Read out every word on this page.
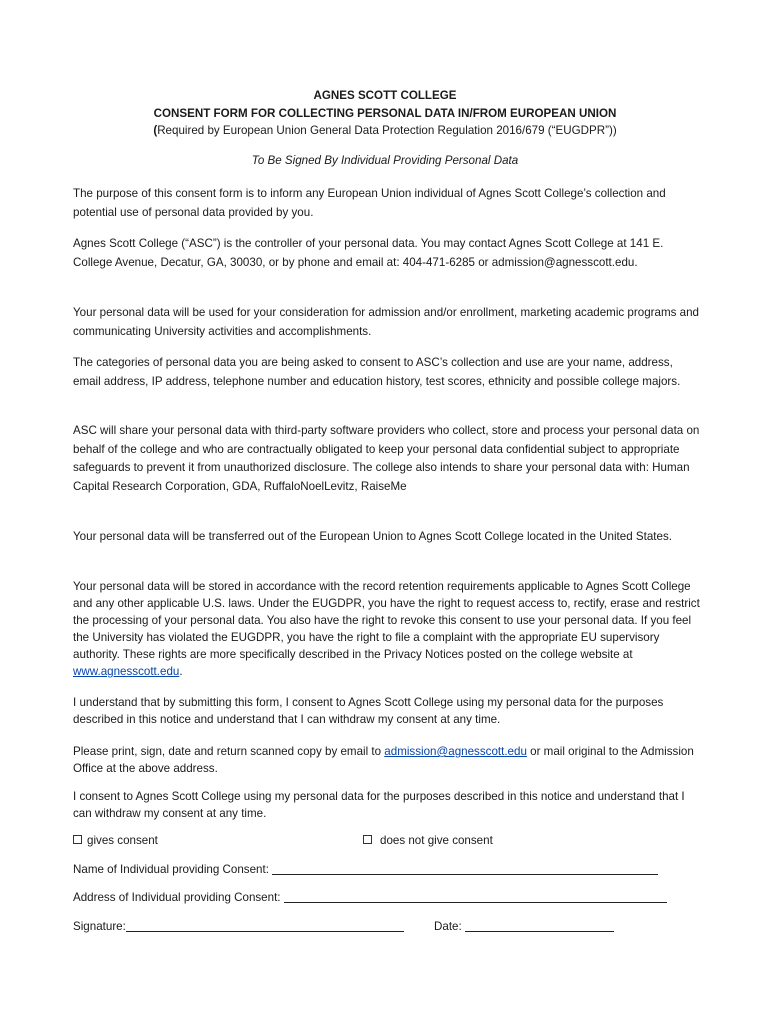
AGNES SCOTT COLLEGE
CONSENT FORM FOR COLLECTING PERSONAL DATA IN/FROM EUROPEAN UNION
(Required by European Union General Data Protection Regulation 2016/679 (“EUGDPR”))
To Be Signed By Individual Providing Personal Data

The purpose of this consent form is to inform any European Union individual of Agnes Scott College’s collection and potential use of personal data provided by you.

Agnes Scott College (“ASC”) is the controller of your personal data. You may contact Agnes Scott College at 141 E. College Avenue, Decatur, GA, 30030, or by phone and email at: 404-471-6285 or admission@agnesscott.edu.

Your personal data will be used for your consideration for admission and/or enrollment, marketing academic programs and communicating University activities and accomplishments.

The categories of personal data you are being asked to consent to ASC’s collection and use are your name, address, email address, IP address, telephone number and education history, test scores, ethnicity and possible college majors.

ASC will share your personal data with third-party software providers who collect, store and process your personal data on behalf of the college and who are contractually obligated to keep your personal data confidential subject to appropriate safeguards to prevent it from unauthorized disclosure. The college also intends to share your personal data with: Human Capital Research Corporation, GDA, RuffaloNoelLevitz, RaiseMe

Your personal data will be transferred out of the European Union to Agnes Scott College located in the United States.

Your personal data will be stored in accordance with the record retention requirements applicable to Agnes Scott College and any other applicable U.S. laws. Under the EUGDPR, you have the right to request access to, rectify, erase and restrict the processing of your personal data. You also have the right to revoke this consent to use your personal data. If you feel the University has violated the EUGDPR, you have the right to file a complaint with the appropriate EU supervisory authority. These rights are more specifically described in the Privacy Notices posted on the college website at www.agnesscott.edu.

I understand that by submitting this form, I consent to Agnes Scott College using my personal data for the purposes described in this notice and understand that I can withdraw my consent at any time.

Please print, sign, date and return scanned copy by email to admission@agnesscott.edu or mail original to the Admission Office at the above address.

I consent to Agnes Scott College using my personal data for the purposes described in this notice and understand that I can withdraw my consent at any time.

gives consent	does not give consent
Name of Individual providing Consent:
Address of Individual providing Consent:
Signature:	Date:
